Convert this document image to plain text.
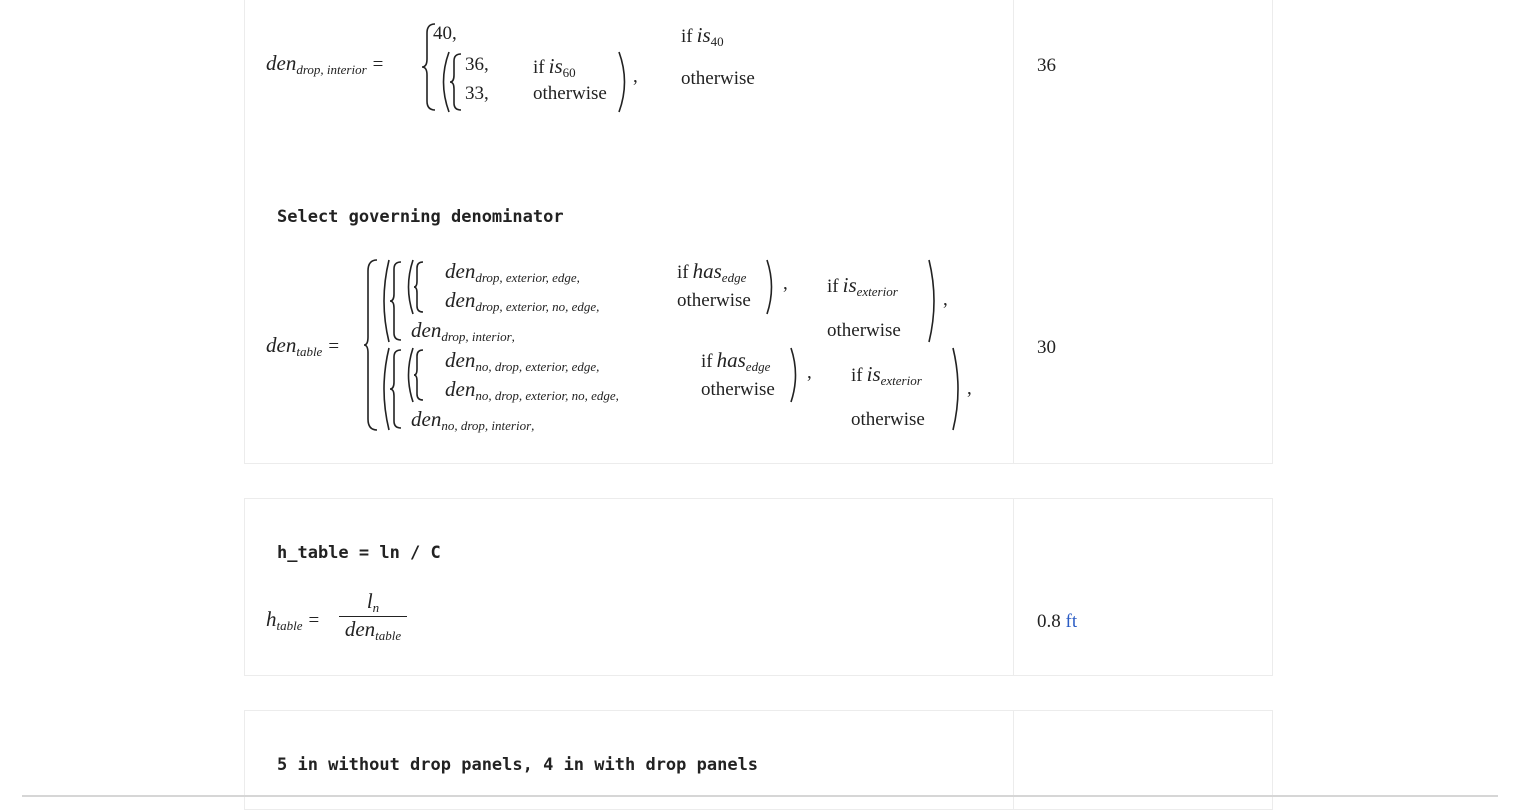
den$_{drop, interior}$ =
40,	if $is_{40}$
36, if $is_{60}$
33, otherwise
, otherwise
36
Select governing denominator
den$_{table}$ =
den$_{drop, exterior, edge,}$	if has$_{edge}$
den$_{drop, exterior, no, edge,}$	otherwise
, if $is_{exterior}$
den$_{drop, interior,}$	otherwise
,
den$_{no, drop, exterior, edge,}$	if has$_{edge}$
den$_{no, drop, exterior, no, edge,}$	otherwise
, if $is_{exterior}$
den$_{no, drop, interior,}$	otherwise
,
30
h_table = ln / C
$h_{table}$ =
$l_n$
den$_{table}$
0.8 ft
5 in without drop panels, 4 in with drop panels
